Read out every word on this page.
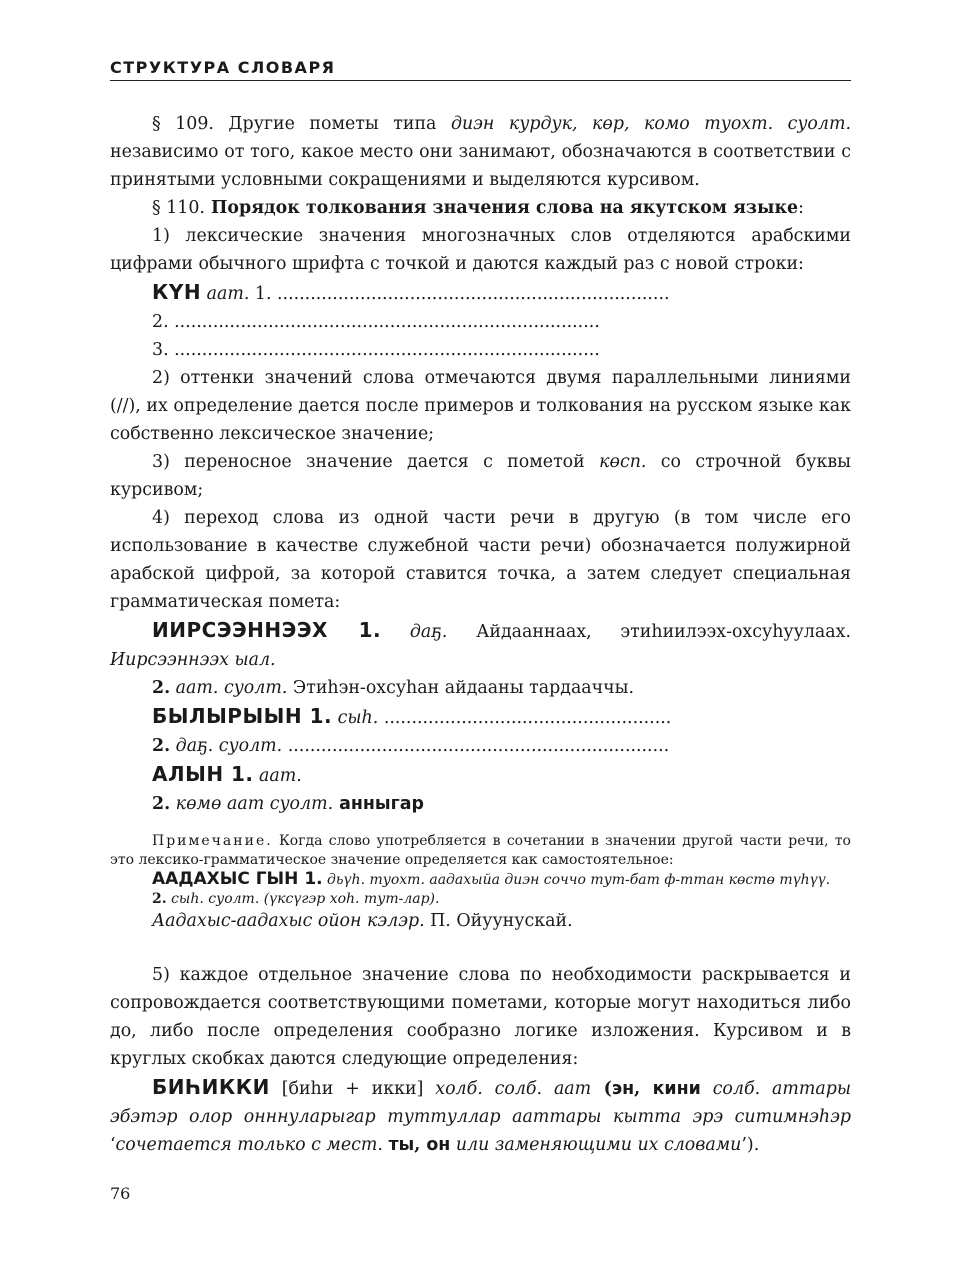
СТРУКТУРА СЛОВАРЯ

§ 109. Другие пометы типа диэн курдук, көр, комо туохт. суолт. независимо от того, какое место они занимают, обозначаются в соответствии с принятыми условными сокращениями и выделяются курсивом.

§ 110. Порядок толкования значения слова на якутском языке:

1) лексические значения многозначных слов отделяются арабскими цифрами обычного шрифта с точкой и даются каждый раз с новой строки:

КҮН аат. 1. .......................................................................
2. .............................................................................
3. .............................................................................

2) оттенки значений слова отмечаются двумя параллельными линиями (//), их определение дается после примеров и толкования на русском языке как собственно лексическое значение;

3) переносное значение дается с пометой көсп. со строчной буквы курсивом;

4) переход слова из одной части речи в другую (в том числе его использование в качестве служебной части речи) обозначается полужирной арабской цифрой, за которой ставится точка, а затем следует специальная грамматическая помета:

ИИРСЭЭННЭЭХ 1. даҕ. Айдааннаах, этиһиилээх-охсуһуулаах. Иирсээннээх ыал.

2. аат. суолт. Этиһэн-охсуһан айдааны тардааччы.
БЫЛЫРЫЫН 1. сыһ. ....................................................
2. даҕ. суолт. .....................................................................
АЛЫН 1. аат.
2. көмө аат суолт. анныгар

Примечание. Когда слово употребляется в сочетании в значении другой части речи, то это лексико-грамматическое значение определяется как самостоятельное:

ААДАХЫС ГЫН 1. дьүһ. туохт. аадахыйа диэн соччо тут-бат ф-ттан көстө түһүү.

2. сыһ. суолт. (үксүгэр хоһ. тут-лар).

Аадахыс-аадахыс ойон кэлэр. П. Ойуунускай.

5) каждое отдельное значение слова по необходимости раскрывается и сопровождается соответствующими пометами, которые могут находиться либо до, либо после определения сообразно логике изложения. Курсивом и в круглых скобках даются следующие определения:

БИҺИККИ [биһи + икки] холб. солб. аат (эн, кини солб. аттары эбэтэр олор онннуларыгар туттуллар ааттары кытта эрэ ситимнэһэр ‘сочетается только с мест. ты, он или заменяющими их словами’).

76
